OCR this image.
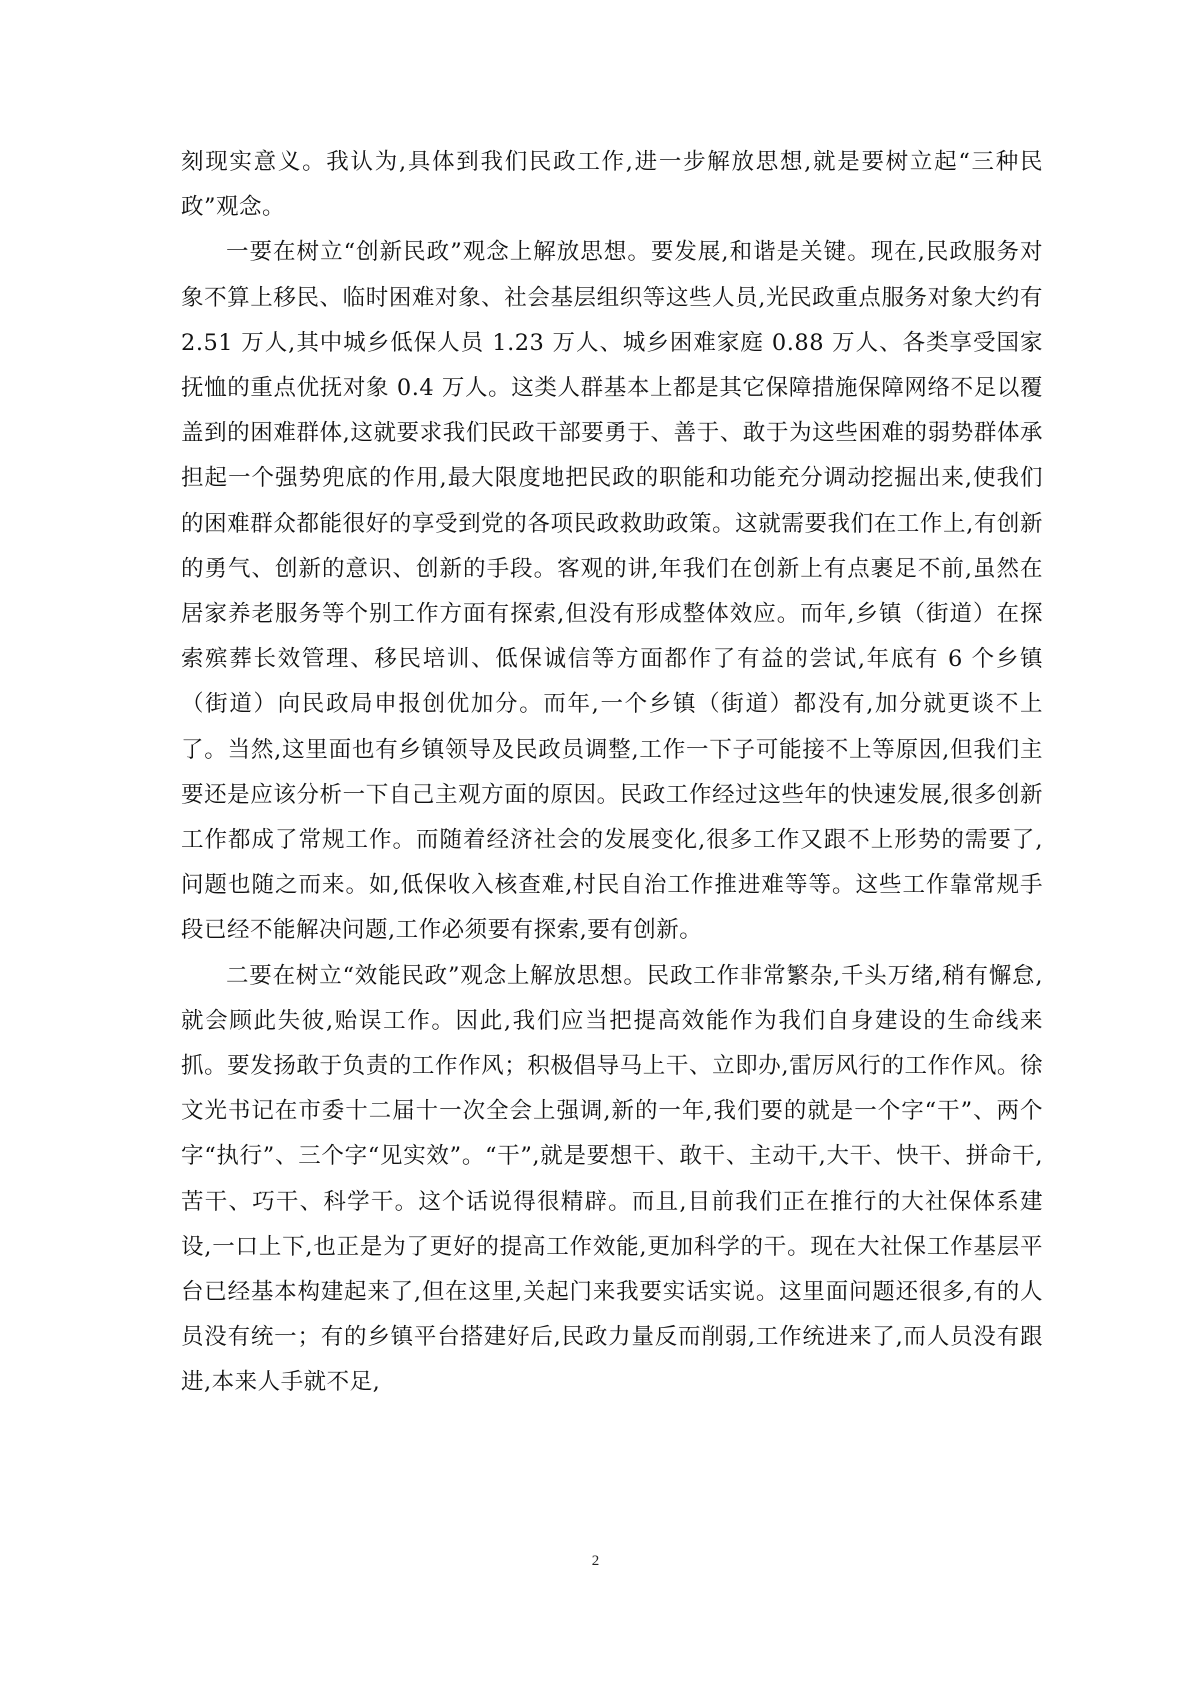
刻现实意义。我认为,具体到我们民政工作,进一步解放思想,就是要树立起“三种民政”观念。

一要在树立“创新民政”观念上解放思想。要发展,和谐是关键。现在,民政服务对象不算上移民、临时困难对象、社会基层组织等这些人员,光民政重点服务对象大约有 2.51 万人,其中城乡低保人员 1.23 万人、城乡困难家庭 0.88 万人、各类享受国家抚恤的重点优抚对象 0.4 万人。这类人群基本上都是其它保障措施保障网络不足以覆盖到的困难群体,这就要求我们民政干部要勇于、善于、敢于为这些困难的弱势群体承担起一个强势兜底的作用,最大限度地把民政的职能和功能充分调动挖掘出来,使我们的困难群众都能很好的享受到党的各项民政救助政策。这就需要我们在工作上,有创新的勇气、创新的意识、创新的手段。客观的讲,年我们在创新上有点裹足不前,虽然在居家养老服务等个别工作方面有探索,但没有形成整体效应。而年,乡镇（街道）在探索殡葬长效管理、移民培训、低保诚信等方面都作了有益的尝试,年底有 6 个乡镇（街道）向民政局申报创优加分。而年,一个乡镇（街道）都没有,加分就更谈不上了。当然,这里面也有乡镇领导及民政员调整,工作一下子可能接不上等原因,但我们主要还是应该分析一下自己主观方面的原因。民政工作经过这些年的快速发展,很多创新工作都成了常规工作。而随着经济社会的发展变化,很多工作又跟不上形势的需要了,问题也随之而来。如,低保收入核查难,村民自治工作推进难等等。这些工作靠常规手段已经不能解决问题,工作必须要有探索,要有创新。

二要在树立“效能民政”观念上解放思想。民政工作非常繁杂,千头万绪,稍有懈怠,就会顾此失彼,贻误工作。因此,我们应当把提高效能作为我们自身建设的生命线来抓。要发扬敢于负责的工作作风；积极倡导马上干、立即办,雷厉风行的工作作风。徐文光书记在市委十二届十一次全会上强调,新的一年,我们要的就是一个字“干”、两个字“执行”、三个字“见实效”。“干”,就是要想干、敢干、主动干,大干、快干、拼命干,苦干、巧干、科学干。这个话说得很精辟。而且,目前我们正在推行的大社保体系建设,一口上下,也正是为了更好的提高工作效能,更加科学的干。现在大社保工作基层平台已经基本构建起来了,但在这里,关起门来我要实话实说。这里面问题还很多,有的人员没有统一；有的乡镇平台搭建好后,民政力量反而削弱,工作统进来了,而人员没有跟进,本来人手就不足,

2
